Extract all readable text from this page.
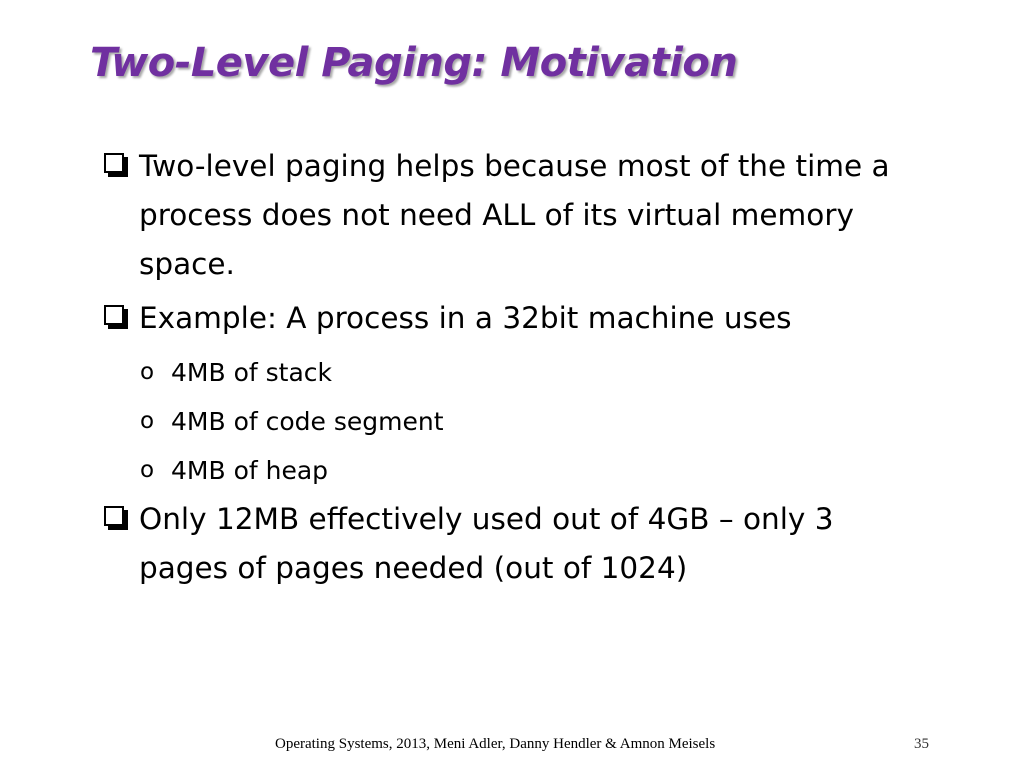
Two-Level Paging: Motivation
Two-level paging helps because most of the time a process does not need ALL of its virtual memory space.
Example: A process in a 32bit machine uses
o 4MB of stack
o 4MB of code segment
o 4MB of heap
Only 12MB effectively used out of 4GB – only 3 pages of pages needed (out of 1024)
Operating Systems, 2013, Meni Adler, Danny Hendler & Amnon Meisels	35
